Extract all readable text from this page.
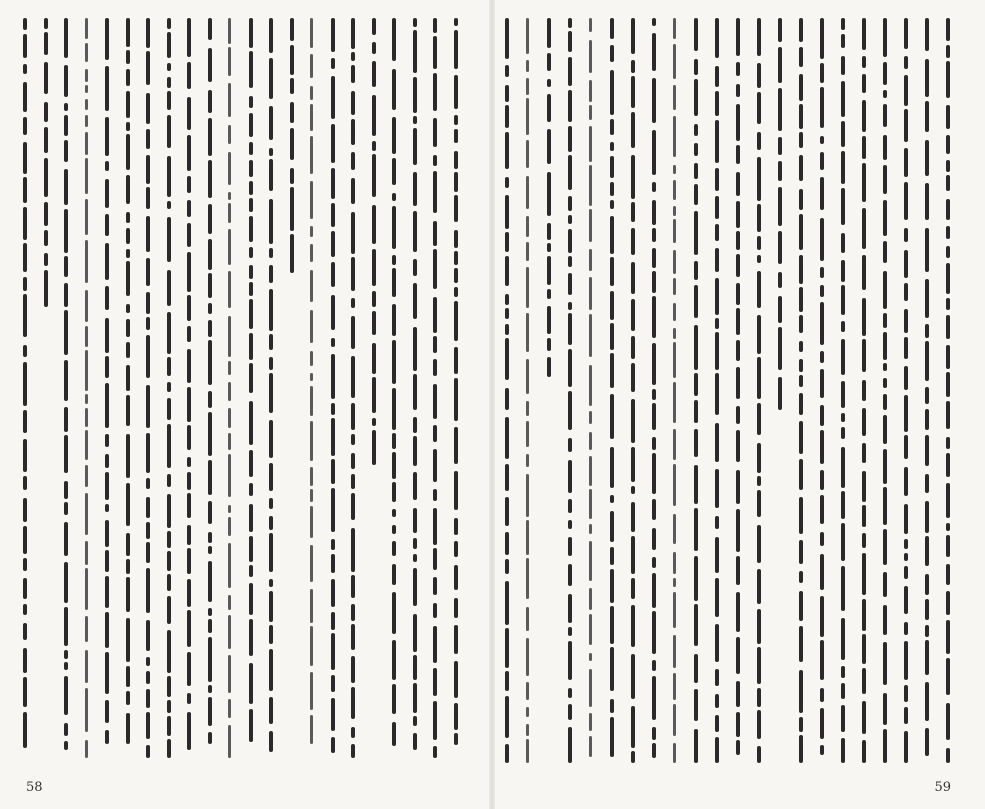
58	59
